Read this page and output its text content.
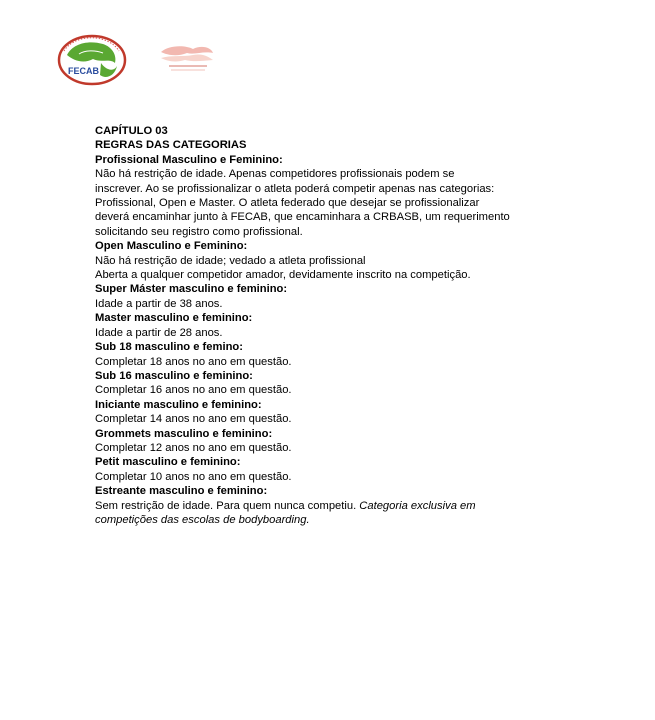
FECAB

CAPÍTULO 03

REGRAS DAS CATEGORIAS

Profissional Masculino e Feminino:

Não há restrição de idade. Apenas competidores profissionais podem se

inscrever. Ao se profissionalizar o atleta poderá competir apenas nas categorias:

Profissional, Open e Master. O atleta federado que desejar se profissionalizar

deverá encaminhar junto à FECAB, que encaminhara a CRBASB, um requerimento

solicitando seu registro como profissional.

Open Masculino e Feminino:

Não há restrição de idade; vedado a atleta profissional

Aberta a qualquer competidor amador, devidamente inscrito na competição.

Super Máster masculino e feminino:

Idade a partir de 38 anos.

Master masculino e feminino:

Idade a partir de 28 anos.

Sub 18 masculino e femino:

Completar 18 anos no ano em questão.

Sub 16 masculino e feminino:

Completar 16 anos no ano em questão.

Iniciante masculino e feminino:

Completar 14 anos no ano em questão.

Grommets masculino e feminino:

Completar 12 anos no ano em questão.

Petit masculino e feminino:

Completar 10 anos no ano em questão.

Estreante masculino e feminino:

Sem restrição de idade. Para quem nunca competiu. Categoria exclusiva em

competições das escolas de bodyboarding.
